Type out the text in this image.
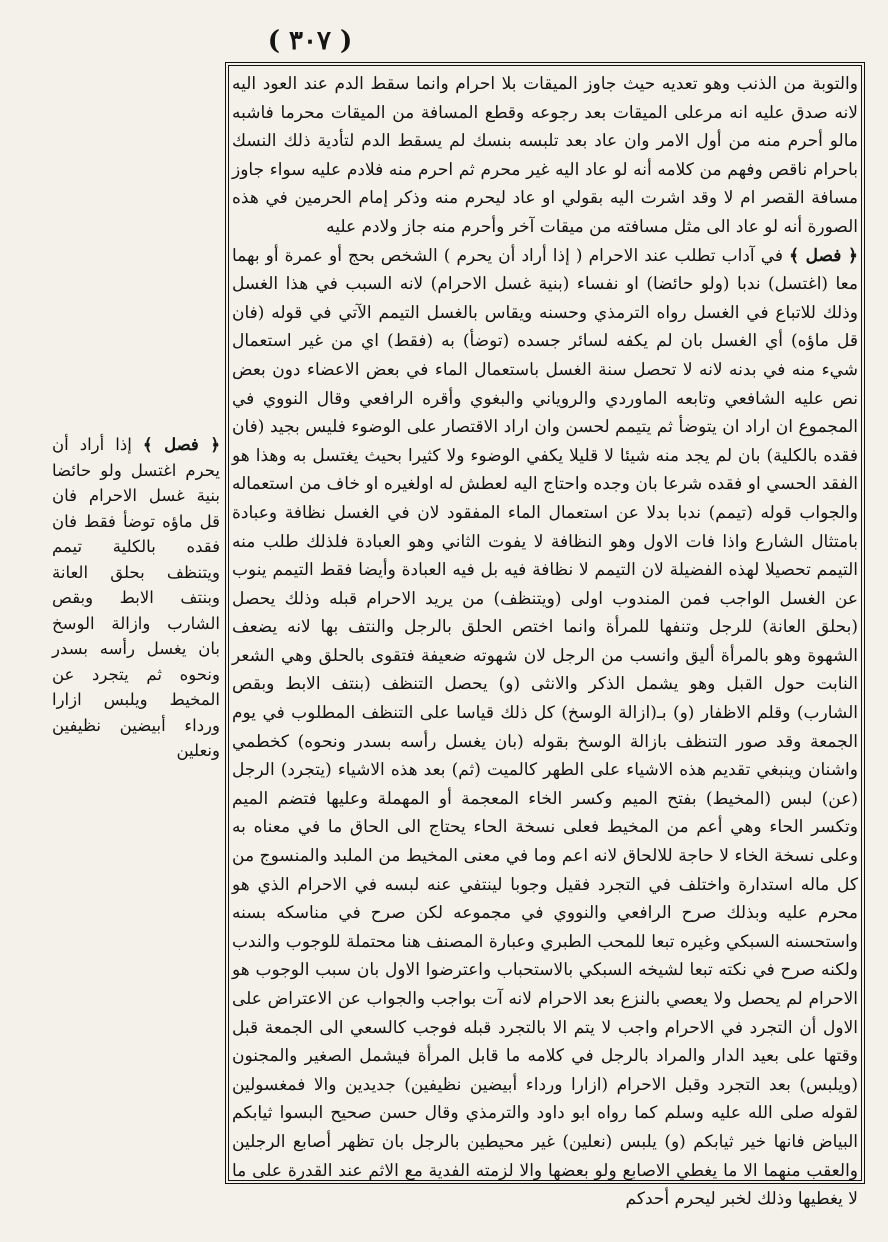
( ٣٠٧ )

والتوبة من الذنب وهو تعديه حيث جاوز الميقات بلا احرام وانما سقط الدم عند العود اليه لانه صدق عليه انه مرعلى الميقات بعد رجوعه وقطع المسافة من الميقات محرما فاشبه مالو أحرم منه من أول الامر وان عاد بعد تلبسه بنسك لم يسقط الدم لتأدية ذلك النسك باحرام ناقص وفهم من كلامه أنه لو عاد اليه غير محرم ثم احرم منه فلادم عليه سواء جاوز مسافة القصر ام لا وقد اشرت اليه بقولي او عاد ليحرم منه وذكر إمام الحرمين في هذه الصورة أنه لو عاد الى مثل مسافته من ميقات آخر وأحرم منه جاز ولادم عليه

﴿ فصل ﴾ في آداب تطلب عند الاحرام ( إذا أراد أن يحرم ) الشخص بحج أو عمرة أو بهما معا (اغتسل) ندبا (ولو حائضا) او نفساء (بنية غسل الاحرام) لانه السبب في هذا الغسل وذلك للاتباع في الغسل رواه الترمذي وحسنه ويقاس بالغسل التيمم الآتي في قوله (فان قل ماؤه) أي الغسل بان لم يكفه لسائر جسده (توضأ) به (فقط) اي من غير استعمال شيء منه في بدنه لانه لا تحصل سنة الغسل باستعمال الماء في بعض الاعضاء دون بعض نص عليه الشافعي وتابعه الماوردي والروياني والبغوي وأقره الرافعي وقال النووي في المجموع ان اراد ان يتوضأ ثم يتيمم لحسن وان اراد الاقتصار على الوضوء فليس بجيد (فان فقده بالكلية) بان لم يجد منه شيئا لا قليلا يكفي الوضوء ولا كثيرا بحيث يغتسل به وهذا هو الفقد الحسي او فقده شرعا بان وجده واحتاج اليه لعطش له اولغيره او خاف من استعماله والجواب قوله (تيمم) ندبا بدلا عن استعمال الماء المفقود لان في الغسل نظافة وعبادة بامتثال الشارع واذا فات الاول وهو النظافة لا يفوت الثاني وهو العبادة فلذلك طلب منه التيمم تحصيلا لهذه الفضيلة لان التيمم لا نظافة فيه بل فيه العبادة وأيضا فقط التيمم ينوب عن الغسل الواجب فمن المندوب اولى (ويتنظف) من يريد الاحرام قبله وذلك يحصل (بحلق العانة) للرجل وتنفها للمرأة وانما اختص الحلق بالرجل والنتف بها لانه يضعف الشهوة وهو بالمرأة أليق وانسب من الرجل لان شهوته ضعيفة فتقوى بالحلق وهي الشعر النابت حول القبل وهو يشمل الذكر والانثى (و) يحصل التنظف (بنتف الابط وبقص الشارب) وقلم الاظفار (و) بـ(ازالة الوسخ) كل ذلك قياسا على التنظف المطلوب في يوم الجمعة وقد صور التنظف بازالة الوسخ بقوله (بان يغسل رأسه بسدر ونحوه) كخطمي واشنان وينبغي تقديم هذه الاشياء على الطهر كالميت (ثم) بعد هذه الاشياء (يتجرد) الرجل (عن) لبس (المخيط) بفتح الميم وكسر الخاء المعجمة أو المهملة وعليها فتضم الميم وتكسر الحاء وهي أعم من المخيط فعلى نسخة الحاء يحتاج الى الحاق ما في معناه به وعلى نسخة الخاء لا حاجة للالحاق لانه اعم وما في معنى المخيط من الملبد والمنسوج من كل ماله استدارة واختلف في التجرد فقيل وجوبا لينتفي عنه لبسه في الاحرام الذي هو محرم عليه وبذلك صرح الرافعي والنووي في مجموعه لكن صرح في مناسكه بسنه واستحسنه السبكي وغيره تبعا للمحب الطبري وعبارة المصنف هنا محتملة للوجوب والندب ولكنه صرح في نكته تبعا لشيخه السبكي بالاستحباب واعترضوا الاول بان سبب الوجوب هو الاحرام لم يحصل ولا يعصي بالنزع بعد الاحرام لانه آت بواجب والجواب عن الاعتراض على الاول أن التجرد في الاحرام واجب لا يتم الا بالتجرد قبله فوجب كالسعي الى الجمعة قبل وقتها على بعيد الدار والمراد بالرجل في كلامه ما قابل المرأة فيشمل الصغير والمجنون (ويلبس) بعد التجرد وقبل الاحرام (ازارا ورداء أبيضين نظيفين) جديدين والا فمغسولين لقوله صلى الله عليه وسلم كما رواه ابو داود والترمذي وقال حسن صحيح البسوا ثيابكم البياض فانها خير ثيابكم (و) يلبس (نعلين) غير محيطين بالرجل بان تظهر أصابع الرجلين والعقب منهما الا ما يغطي الاصابع ولو بعضها والا لزمته الفدية مع الاثم عند القدرة على ما لا يغطيها وذلك لخبر ليحرم أحدكم

﴿ فصل ﴾ إذا أراد أن يحرم اغتسل ولو حائضا بنية غسل الاحرام فان قل ماؤه توضأ فقط فان فقده بالكلية تيمم ويتنظف بحلق العانة وبنتف الابط وبقص الشارب وازالة الوسخ بان يغسل رأسه بسدر ونحوه ثم يتجرد عن المخيط ويلبس ازارا ورداء أبيضين نظيفين ونعلين
